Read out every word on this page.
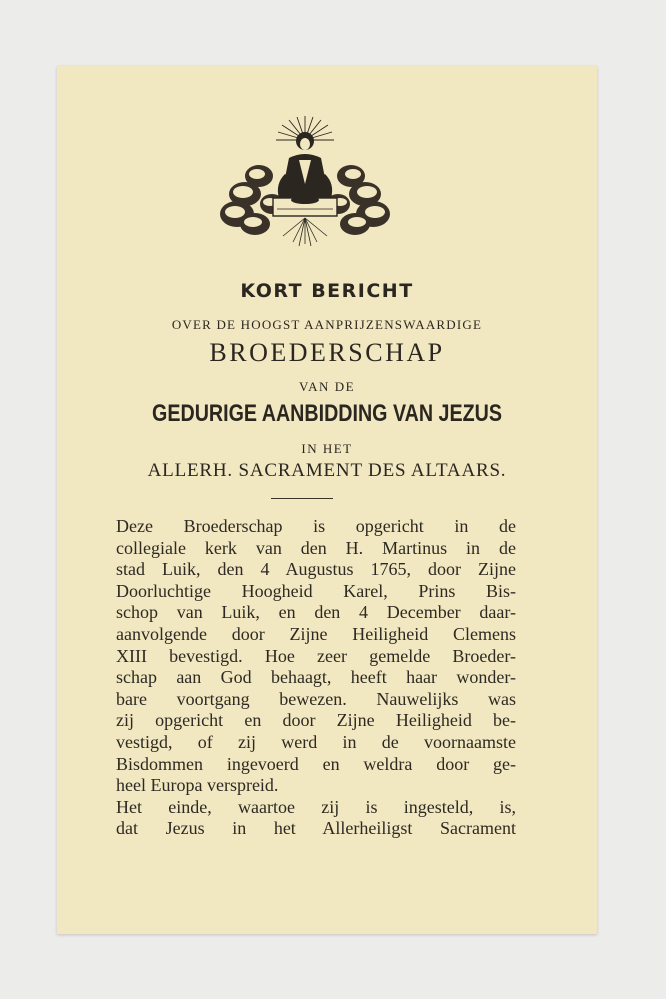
KORT BERICHT
OVER DE HOOGST AANPRIJZENSWAARDIGE
BROEDERSCHAP
VAN DE
GEDURIGE AANBIDDING VAN JEZUS
IN HET
ALLERH. SACRAMENT DES ALTAARS.
Deze Broederschap is opgericht in de
collegiale kerk van den H. Martinus in de
stad Luik, den 4 Augustus 1765, door Zijne
Doorluchtige Hoogheid Karel, Prins Bis-
schop van Luik, en den 4 December daar-
aanvolgende door Zijne Heiligheid Clemens
XIII bevestigd. Hoe zeer gemelde Broeder-
schap aan God behaagt, heeft haar wonder-
bare voortgang bewezen. Nauwelijks was
zij opgericht en door Zijne Heiligheid be-
vestigd, of zij werd in de voornaamste
Bisdommen ingevoerd en weldra door ge-
heel Europa verspreid.
Het einde, waartoe zij is ingesteld, is,
dat Jezus in het Allerheiligst Sacrament
